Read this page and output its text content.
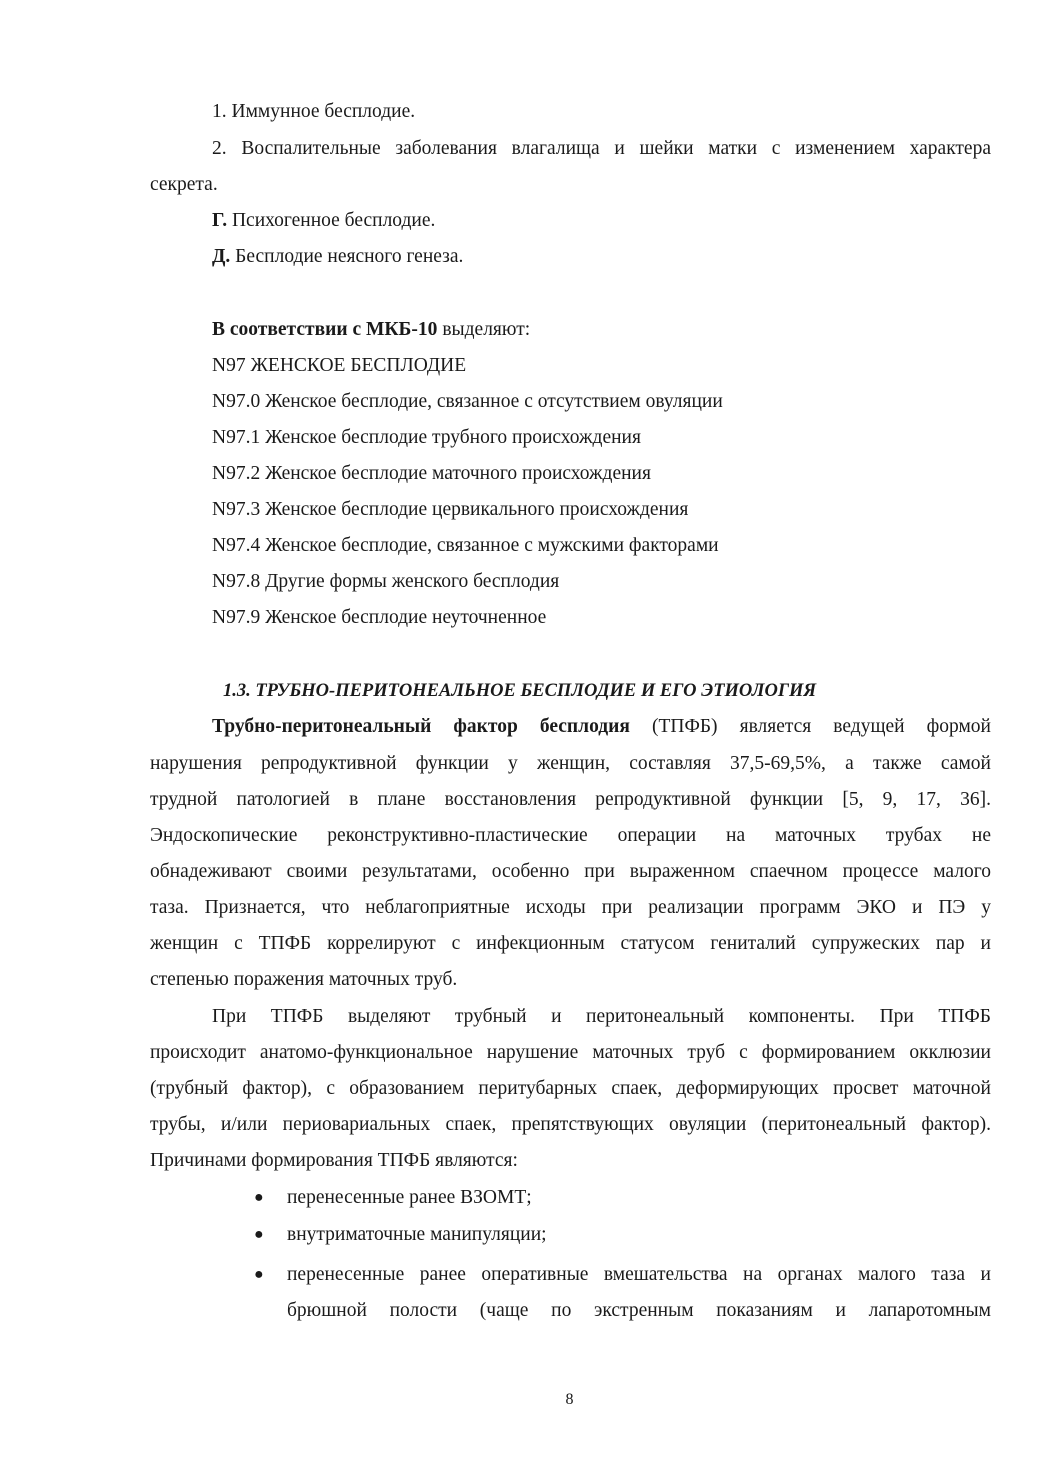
1. Иммунное бесплодие.
2. Воспалительные заболевания влагалища и шейки матки с изменением характера
секрета.
Г. Психогенное бесплодие.
Д. Бесплодие неясного генеза.
В соответствии с МКБ-10 выделяют:
N97 ЖЕНСКОЕ БЕСПЛОДИЕ
N97.0 Женское бесплодие, связанное с отсутствием овуляции
N97.1 Женское бесплодие трубного происхождения
N97.2 Женское бесплодие маточного происхождения
N97.3 Женское бесплодие цервикального происхождения
N97.4 Женское бесплодие, связанное с мужскими факторами
N97.8 Другие формы женского бесплодия
N97.9 Женское бесплодие неуточненное
1.3. ТРУБНО-ПЕРИТОНЕАЛЬНОЕ БЕСПЛОДИЕ И ЕГО ЭТИОЛОГИЯ
Трубно-перитонеальный фактор бесплодия (ТПФБ) является ведущей формой
нарушения репродуктивной функции у женщин, составляя 37,5-69,5%, а также самой
трудной патологией в плане восстановления репродуктивной функции [5, 9, 17, 36].
Эндоскопические реконструктивно-пластические операции на маточных трубах не
обнадеживают своими результатами, особенно при выраженном спаечном процессе малого
таза. Признается, что неблагоприятные исходы при реализации программ ЭКО и ПЭ у
женщин с ТПФБ коррелируют с инфекционным статусом гениталий супружеских пар и
степенью поражения маточных труб.
При ТПФБ выделяют трубный и перитонеальный компоненты. При ТПФБ
происходит анатомо-функциональное нарушение маточных труб с формированием окклюзии
(трубный фактор), с образованием перитубарных спаек, деформирующих просвет маточной
трубы, и/или периовариальных спаек, препятствующих овуляции (перитонеальный фактор).
Причинами формирования ТПФБ являются:
● перенесенные ранее ВЗОМТ;
● внутриматочные манипуляции;
● перенесенные ранее оперативные вмешательства на органах малого таза и
брюшной полости (чаще по экстренным показаниям и лапаротомным
8
